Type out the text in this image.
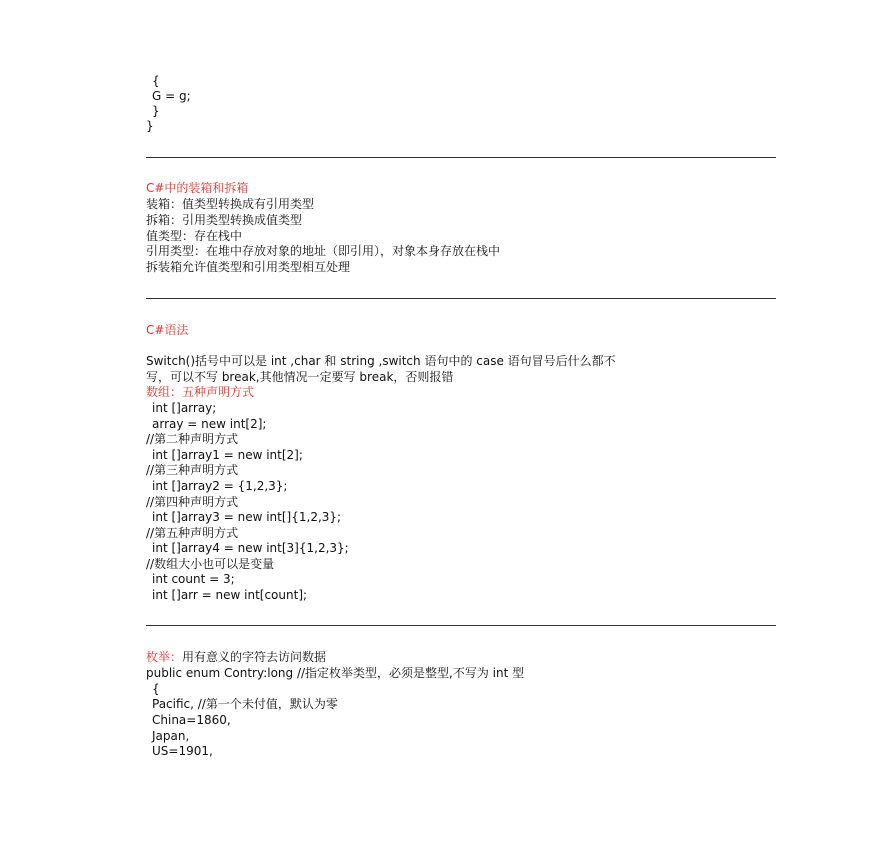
{
G = g;
}
}
C#中的装箱和拆箱
装箱：值类型转换成有引用类型
拆箱：引用类型转换成值类型
值类型：存在栈中
引用类型：在堆中存放对象的地址（即引用），对象本身存放在栈中
拆装箱允许值类型和引用类型相互处理
C#语法
Switch()括号中可以是 int ,char 和 string ,switch 语句中的 case 语句冒号后什么都不
写，可以不写 break,其他情况一定要写 break，否则报错
数组：五种声明方式
int []array;
array = new int[2];
//第二种声明方式
int []array1 = new int[2];
//第三种声明方式
int []array2 = {1,2,3};
//第四种声明方式
int []array3 = new int[]{1,2,3};
//第五种声明方式
int []array4 = new int[3]{1,2,3};
//数组大小也可以是变量
int count = 3;
int []arr = new int[count];
枚举：用有意义的字符去访问数据
public enum Contry:long //指定枚举类型，必须是整型,不写为 int 型
{
Pacific, //第一个未付值，默认为零
China=1860,
Japan,
US=1901,
